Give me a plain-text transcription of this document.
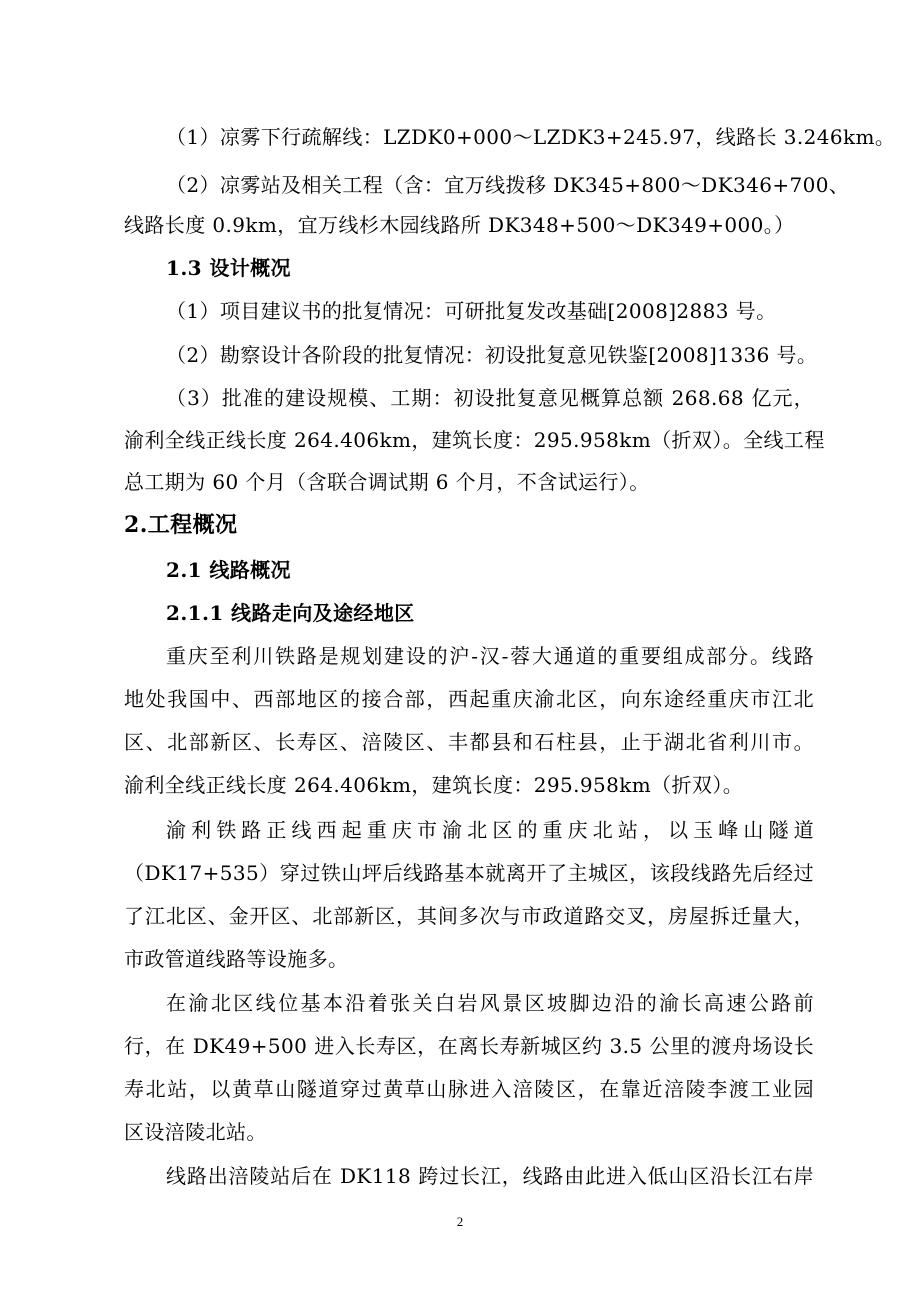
（1）凉雾下行疏解线：LZDK0+000～LZDK3+245.97，线路长 3.246km。
（2）凉雾站及相关工程（含：宜万线拨移 DK345+800～DK346+700、
线路长度 0.9km，宜万线杉木园线路所 DK348+500～DK349+000。）
1.3 设计概况
（1）项目建议书的批复情况：可研批复发改基础[2008]2883 号。
（2）勘察设计各阶段的批复情况：初设批复意见铁鉴[2008]1336 号。
（3）批准的建设规模、工期：初设批复意见概算总额 268.68 亿元，
渝利全线正线长度 264.406km，建筑长度：295.958km（折双）。全线工程
总工期为 60 个月（含联合调试期 6 个月，不含试运行）。
2.工程概况
2.1 线路概况
2.1.1 线路走向及途经地区
重庆至利川铁路是规划建设的沪-汉-蓉大通道的重要组成部分。线路
地处我国中、西部地区的接合部，西起重庆渝北区，向东途经重庆市江北
区、北部新区、长寿区、涪陵区、丰都县和石柱县，止于湖北省利川市。
渝利全线正线长度 264.406km，建筑长度：295.958km（折双）。
渝利铁路正线西起重庆市渝北区的重庆北站，以玉峰山隧道
（DK17+535）穿过铁山坪后线路基本就离开了主城区，该段线路先后经过
了江北区、金开区、北部新区，其间多次与市政道路交叉，房屋拆迁量大，
市政管道线路等设施多。
在渝北区线位基本沿着张关白岩风景区坡脚边沿的渝长高速公路前
行，在 DK49+500 进入长寿区，在离长寿新城区约 3.5 公里的渡舟场设长
寿北站，以黄草山隧道穿过黄草山脉进入涪陵区，在靠近涪陵李渡工业园
区设涪陵北站。
线路出涪陵站后在 DK118 跨过长江，线路由此进入低山区沿长江右岸
2
